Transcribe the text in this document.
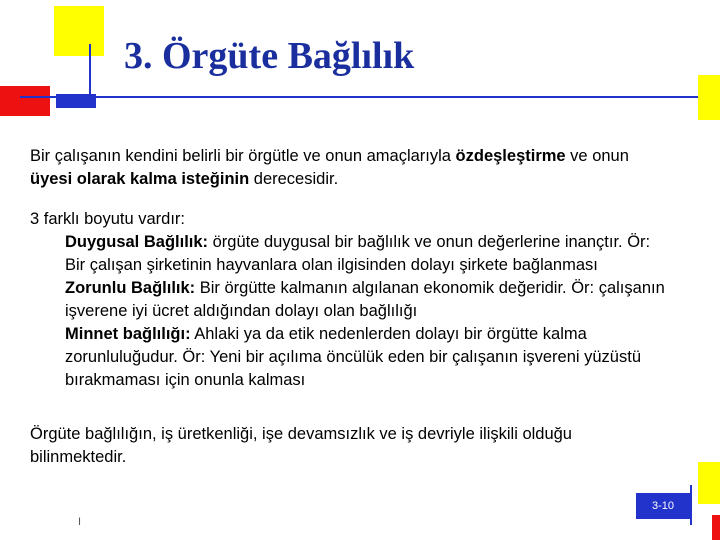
3. Örgüte Bağlılık
Bir çalışanın kendini belirli bir örgütle ve onun amaçlarıyla özdeşleştirme ve onun üyesi olarak kalma isteğinin derecesidir.
3 farklı boyutu vardır:
Duygusal Bağlılık: örgüte duygusal bir bağlılık ve onun değerlerine inançtır. Ör: Bir çalışan şirketinin hayvanlara olan ilgisinden dolayı şirkete bağlanması
Zorunlu Bağlılık: Bir örgütte kalmanın algılanan ekonomik değeridir. Ör: çalışanın işverene iyi ücret aldığından dolayı olan bağlılığı
Minnet bağlılığı: Ahlaki ya da etik nedenlerden dolayı bir örgütte kalma zorunluluğudur. Ör: Yeni bir açılıma öncülük eden bir çalışanın işvereni yüzüstü bırakmaması için onunla kalması
Örgüte bağlılığın, iş üretkenliği, işe devamsızlık ve iş devriyle ilişkili olduğu bilinmektedir.
3-10
I
